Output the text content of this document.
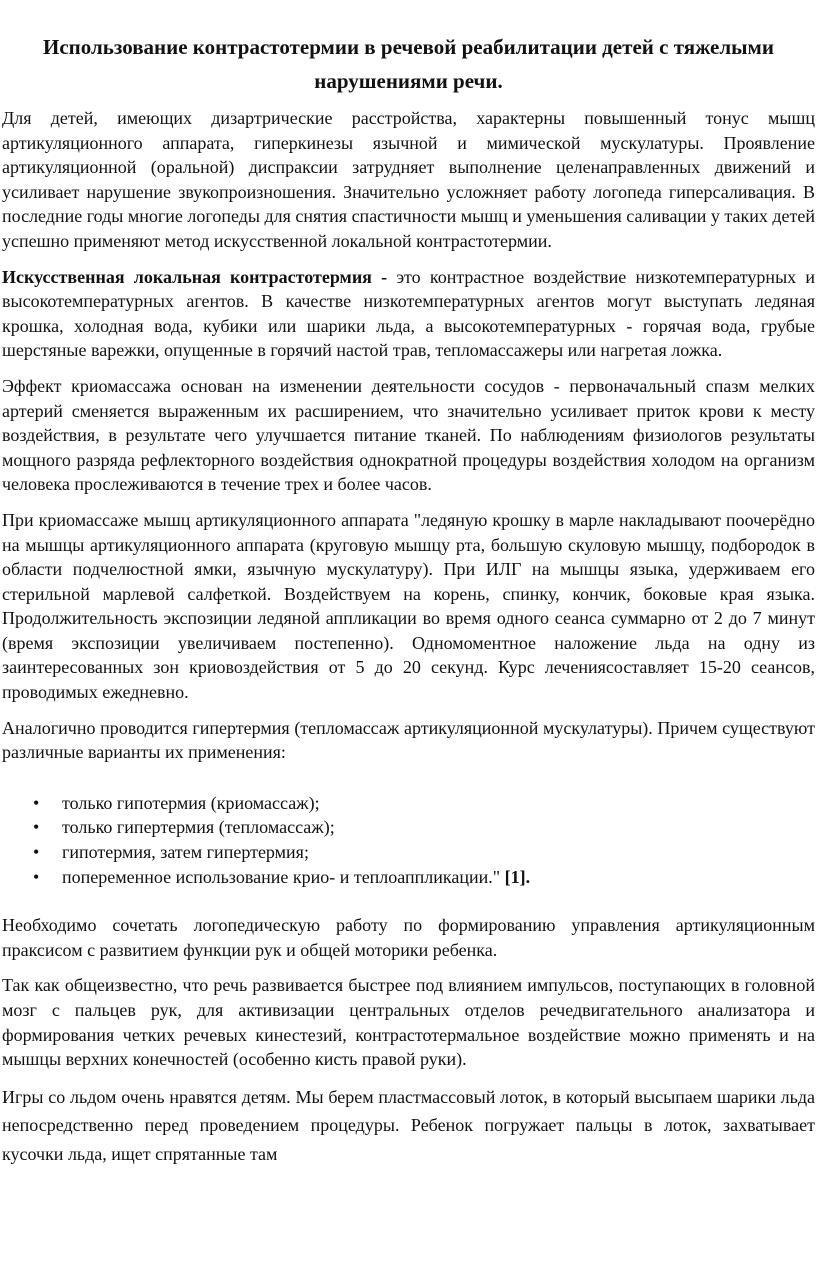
Использование контрастотермии в речевой реабилитации детей с тяжелыми нарушениями речи.

Для детей, имеющих дизартрические расстройства, характерны повышенный тонус мышц артикуляционного аппарата, гиперкинезы язычной и мимической мускулатуры. Проявление артикуляционной (оральной) диспраксии затрудняет выполнение целенаправленных движений и усиливает нарушение звукопроизношения. Значительно усложняет работу логопеда гиперсаливация. В последние годы многие логопеды для снятия спастичности мышц и уменьшения саливации у таких детей успешно применяют метод искусственной локальной контрастотермии.

Искусственная локальная контрастотермия - это контрастное воздействие низкотемпературных и высокотемпературных агентов. В качестве низкотемпературных агентов могут выступать ледяная крошка, холодная вода, кубики или шарики льда, а высокотемпературных - горячая вода, грубые шерстяные варежки, опущенные в горячий настой трав, тепломассажеры или нагретая ложка.

Эффект криомассажа основан на изменении деятельности сосудов - первоначальный спазм мелких артерий сменяется выраженным их расширением, что значительно усиливает приток крови к месту воздействия, в результате чего улучшается питание тканей. По наблюдениям физиологов результаты мощного разряда рефлекторного воздействия однократной процедуры воздействия холодом на организм человека прослеживаются в течение трех и более часов.

При криомассаже мышц артикуляционного аппарата "ледяную крошку в марле накладывают поочерёдно на мышцы артикуляционного аппарата (круговую мышцу рта, большую скуловую мышцу, подбородок в области подчелюстной ямки, язычную мускулатуру). При ИЛГ на мышцы языка, удерживаем его стерильной марлевой салфеткой. Воздействуем на корень, спинку, кончик, боковые края языка. Продолжительность экспозиции ледяной аппликации во время одного сеанса суммарно от 2 до 7 минут (время экспозиции увеличиваем постепенно). Одномоментное наложение льда на одну из заинтересованных зон криовоздействия от 5 до 20 секунд. Курс лечениясоставляет 15-20 сеансов, проводимых ежедневно.

Аналогично проводится гипертермия (тепломассаж артикуляционной мускулатуры). Причем существуют различные варианты их применения:

• только гипотермия (криомассаж);
• только гипертермия (тепломассаж);
• гипотермия, затем гипертермия;
• попеременное использование крио- и теплоаппликации." [1].

Необходимо сочетать логопедическую работу по формированию управления артикуляционным праксисом с развитием функции рук и общей моторики ребенка.

Так как общеизвестно, что речь развивается быстрее под влиянием импульсов, поступающих в головной мозг с пальцев рук, для активизации центральных отделов речедвигательного анализатора и формирования четких речевых кинестезий, контрастотермальное воздействие можно применять и на мышцы верхних конечностей (особенно кисть правой руки).

Игры со льдом очень нравятся детям. Мы берем пластмассовый лоток, в который высыпаем шарики льда непосредственно перед проведением процедуры. Ребенок погружает пальцы в лоток, захватывает кусочки льда, ищет спрятанные там
